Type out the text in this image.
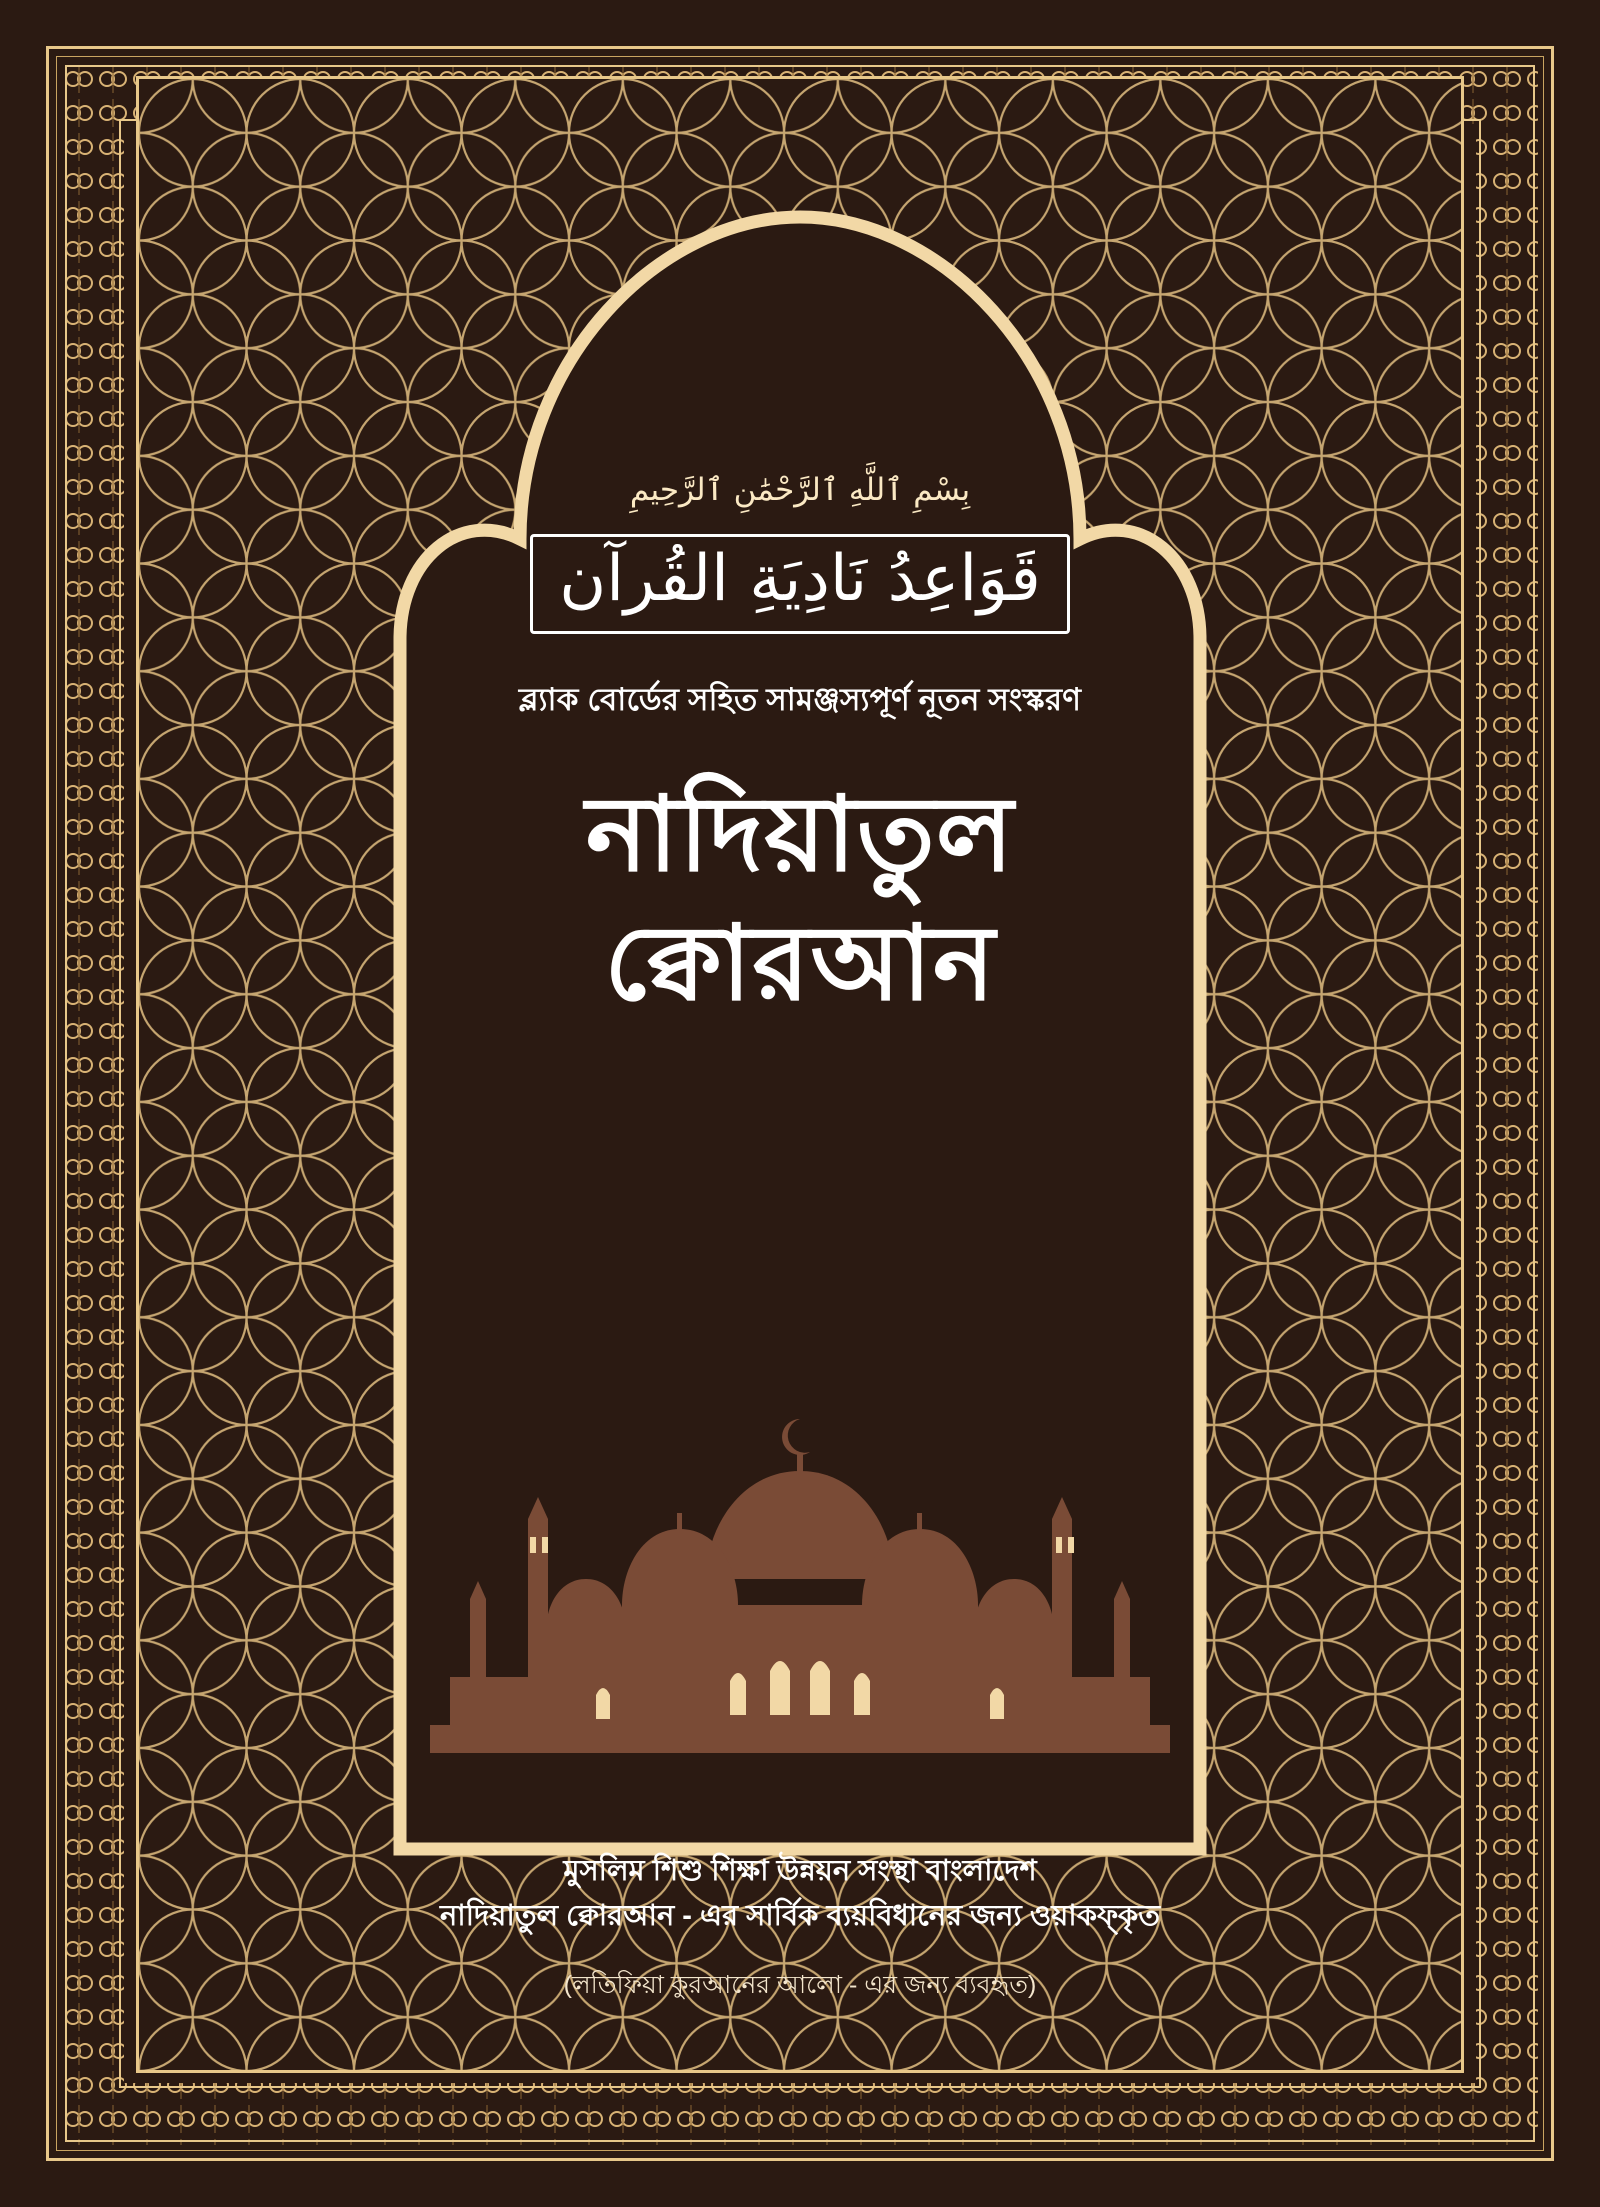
بِسْمِ ٱللَّهِ ٱلرَّحْمَٰنِ ٱلرَّحِيمِ
قَوَاعِدُ نَادِيَةِ القُرآن
ব্ল্যাক বোর্ডের সহিত সামঞ্জস্যপূর্ণ নূতন সংস্করণ
নাদিয়াতুল
ক্বোরআন
মুসলিম শিশু শিক্ষা উন্নয়ন সংস্থা বাংলাদেশ
নাদিয়াতুল ক্বোরআন - এর সার্বিক ব্যয়বিধানের জন্য ওয়াকফ্‌কৃত
(লতিফিয়া কুরআনের আলো - এর জন্য ব্যবহৃত)
